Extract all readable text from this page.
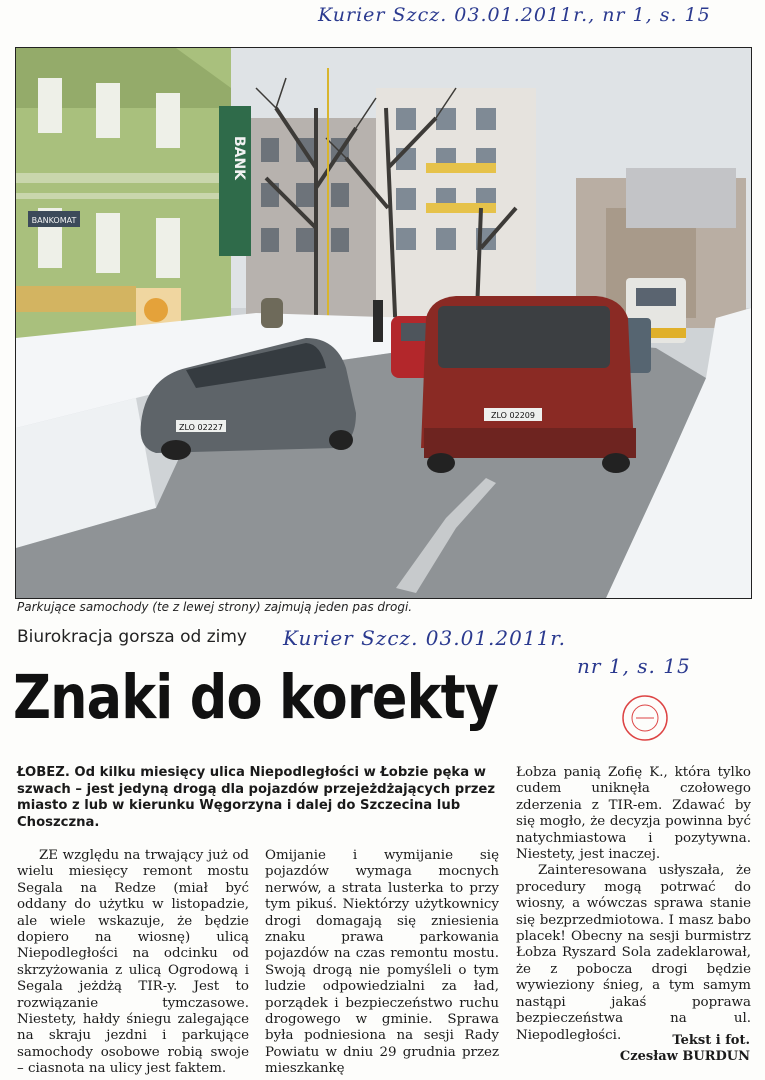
Kurier Szcz. 03.01.2011r., nr 1, s. 15
BANK
BANKOMAT
ZLO 02227
ZLO 02209
Parkujące samochody (te z lewej strony) zajmują jeden pas drogi.
Biurokracja gorsza od zimy Kurier Szcz. 03.01.2011r.
nr 1, s. 15
Znaki do korekty
ŁOBEZ. Od kilku miesięcy ulica Niepodległości w Łobzie pęka w szwach – jest jedyną drogą dla pojazdów przejeżdżających przez miasto z lub w kierunku Węgorzyna i dalej do Szczecina lub Choszczna.

ZE względu na trwający już od wielu miesięcy remont mostu Segala na Redze (miał być oddany do użytku w listopadzie, ale wiele wskazuje, że będzie dopiero na wiosnę) ulicą Niepodległości na odcinku od skrzyżowania z ulicą Ogrodową i Segala jeżdżą TIR-y. Jest to rozwiązanie tymczasowe. Niestety, hałdy śniegu zalegające na skraju jezdni i parkujące samochody osobowe robią swoje – ciasnota na ulicy jest faktem.

Omijanie i wymijanie się pojazdów wymaga mocnych nerwów, a strata lusterka to przy tym pikuś. Niektórzy użytkownicy drogi domagają się zniesienia znaku prawa parkowania pojazdów na czas remontu mostu. Swoją drogą nie pomyśleli o tym ludzie odpowiedzialni za ład, porządek i bezpieczeństwo ruchu drogowego w gminie. Sprawa była podniesiona na sesji Rady Powiatu w dniu 29 grudnia przez mieszkankę

Łobza panią Zofię K., która tylko cudem uniknęła czołowego zderzenia z TIR-em. Zdawać by się mogło, że decyzja powinna być natychmiastowa i pozytywna. Niestety, jest inaczej.

Zainteresowana usłyszała, że procedury mogą potrwać do wiosny, a wówczas sprawa stanie się bezprzedmiotowa. I masz babo placek! Obecny na sesji burmistrz Łobza Ryszard Sola zadeklarował, że z pobocza drogi będzie wywieziony śnieg, a tym samym nastąpi jakaś poprawa bezpieczeństwa na ul. Niepodległości.	Tekst i fot.
Czesław BURDUN
